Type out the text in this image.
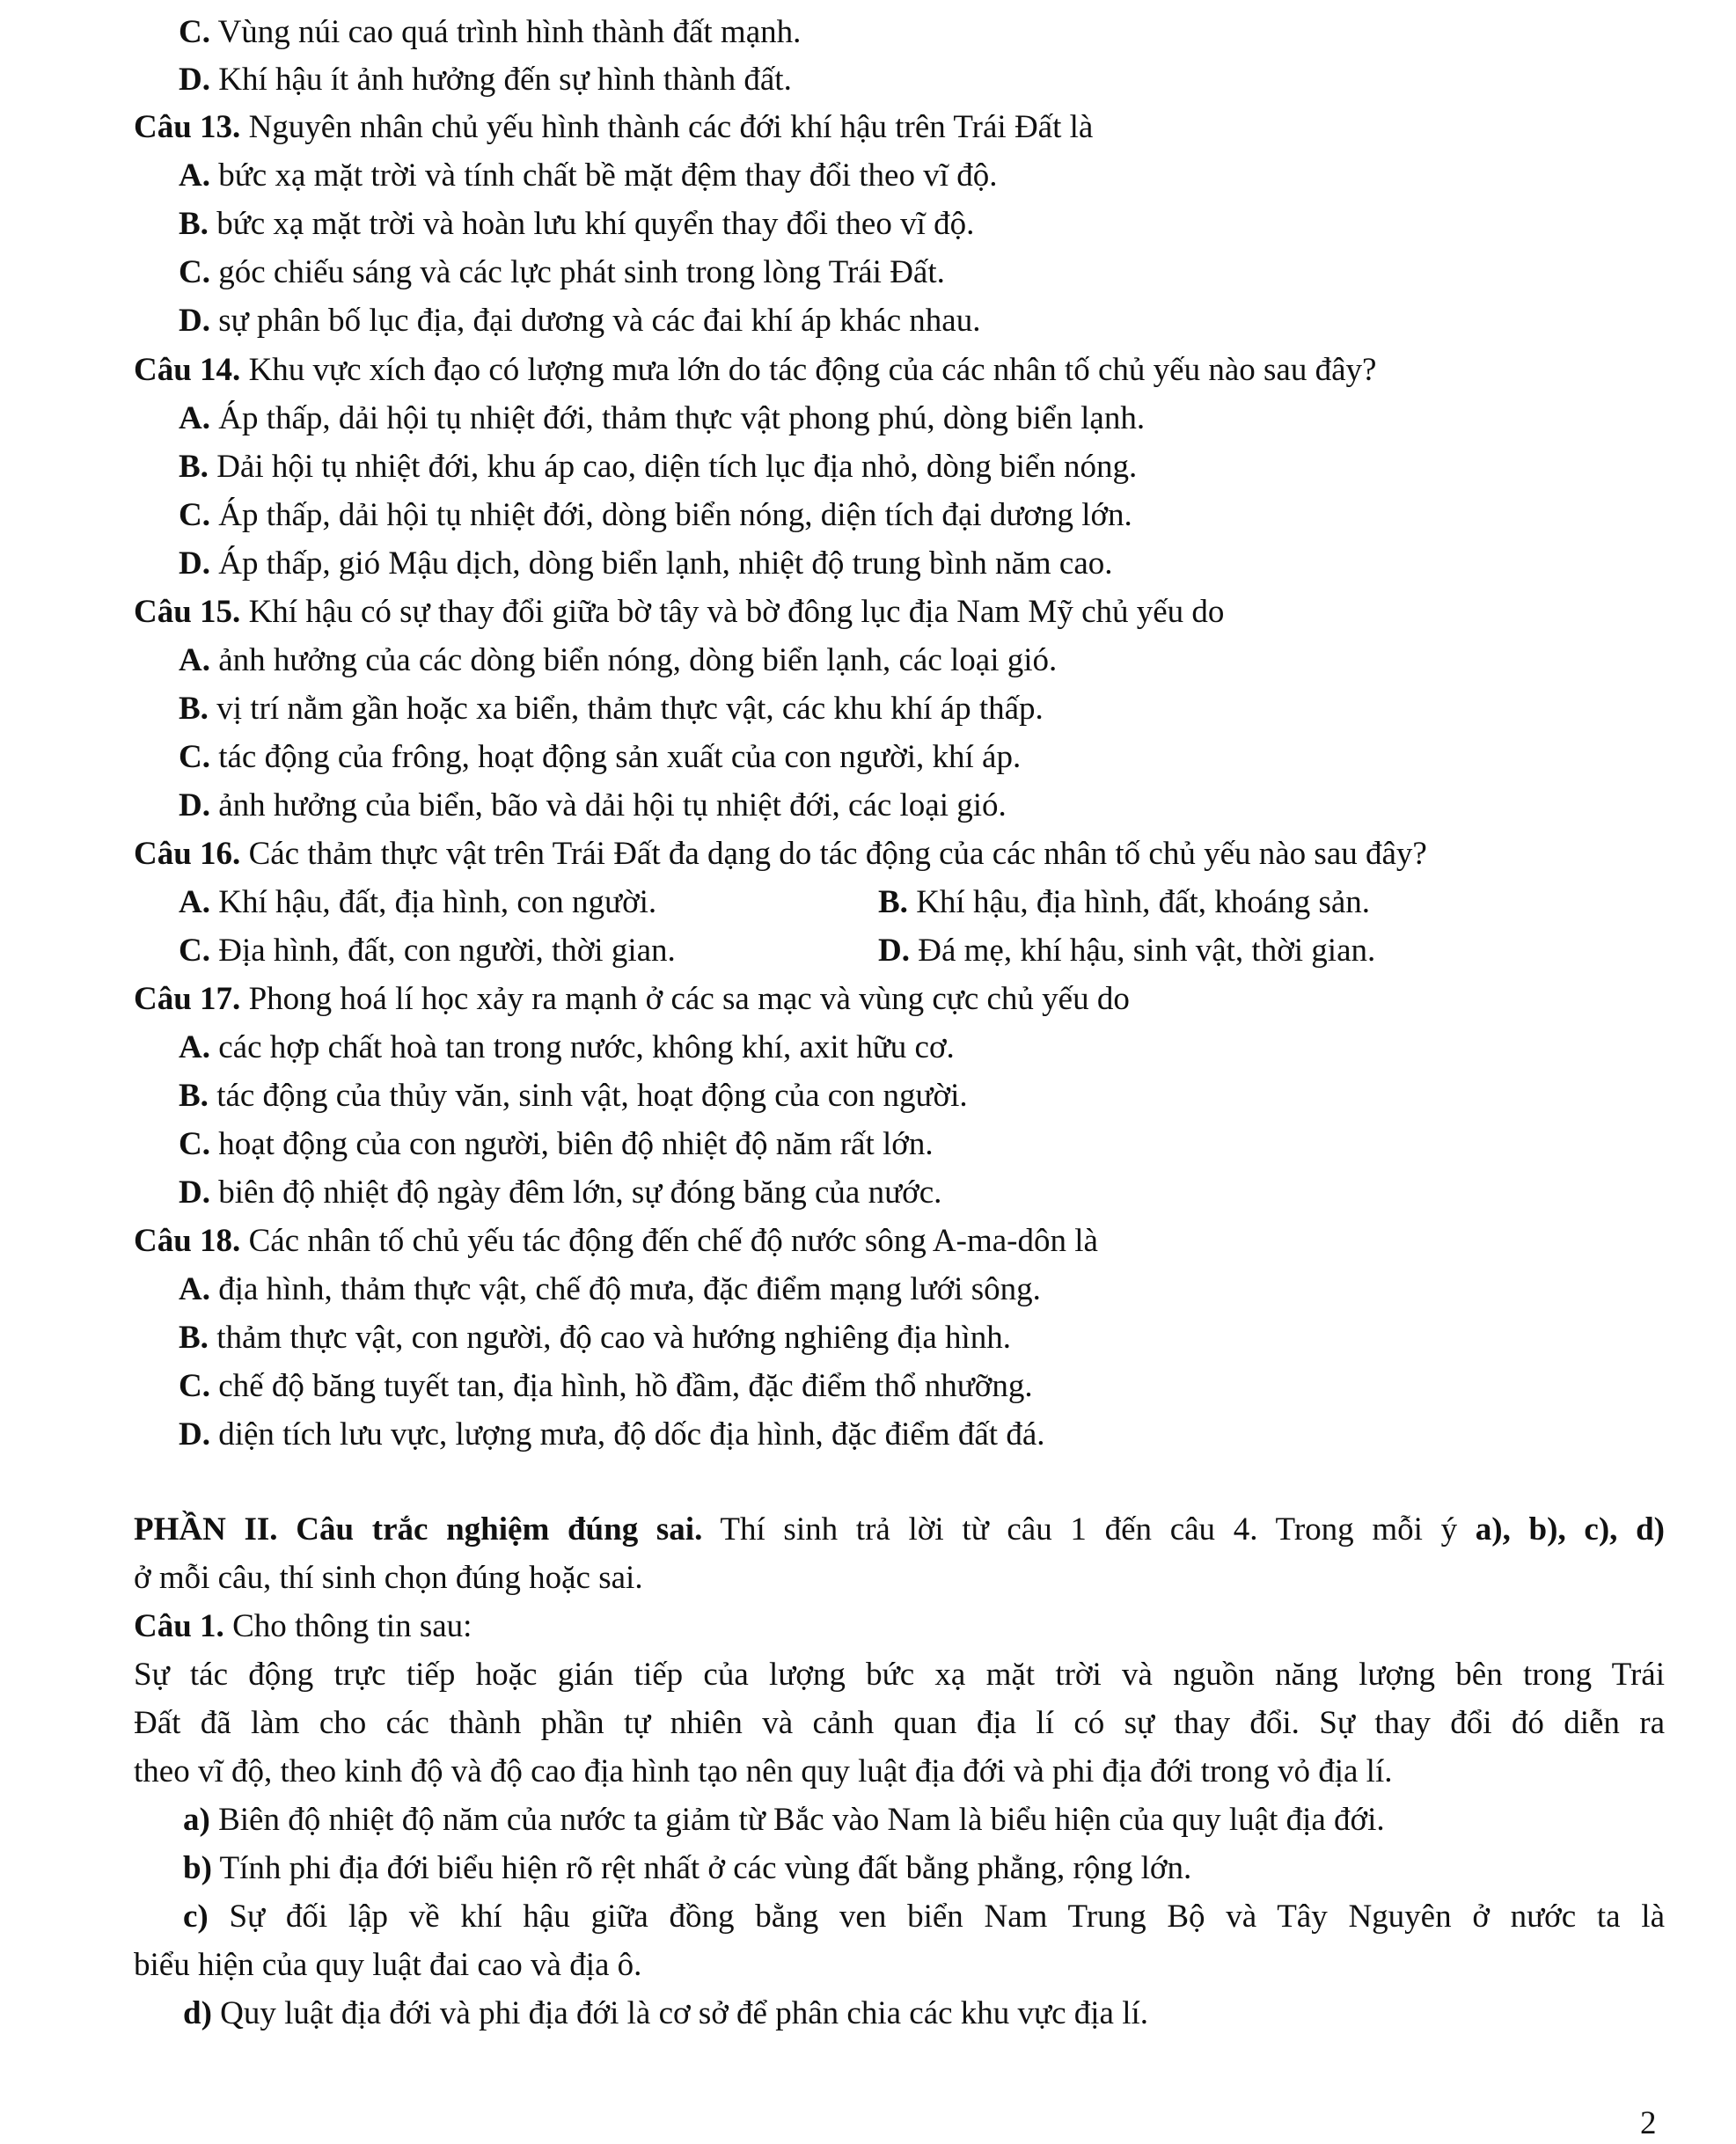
C. Vùng núi cao quá trình hình thành đất mạnh.
D. Khí hậu ít ảnh hưởng đến sự hình thành đất.
Câu 13. Nguyên nhân chủ yếu hình thành các đới khí hậu trên Trái Đất là
A. bức xạ mặt trời và tính chất bề mặt đệm thay đổi theo vĩ độ.
B. bức xạ mặt trời và hoàn lưu khí quyển thay đổi theo vĩ độ.
C. góc chiếu sáng và các lực phát sinh trong lòng Trái Đất.
D. sự phân bố lục địa, đại dương và các đai khí áp khác nhau.
Câu 14. Khu vực xích đạo có lượng mưa lớn do tác động của các nhân tố chủ yếu nào sau đây?
A. Áp thấp, dải hội tụ nhiệt đới, thảm thực vật phong phú, dòng biển lạnh.
B. Dải hội tụ nhiệt đới, khu áp cao, diện tích lục địa nhỏ, dòng biển nóng.
C. Áp thấp, dải hội tụ nhiệt đới, dòng biển nóng, diện tích đại dương lớn.
D. Áp thấp, gió Mậu dịch, dòng biển lạnh, nhiệt độ trung bình năm cao.
Câu 15. Khí hậu có sự thay đổi giữa bờ tây và bờ đông lục địa Nam Mỹ chủ yếu do
A. ảnh hưởng của các dòng biển nóng, dòng biển lạnh, các loại gió.
B. vị trí nằm gần hoặc xa biển, thảm thực vật, các khu khí áp thấp.
C. tác động của frông, hoạt động sản xuất của con người, khí áp.
D. ảnh hưởng của biển, bão và dải hội tụ nhiệt đới, các loại gió.
Câu 16. Các thảm thực vật trên Trái Đất đa dạng do tác động của các nhân tố chủ yếu nào sau đây?
A. Khí hậu, đất, địa hình, con người.	B. Khí hậu, địa hình, đất, khoáng sản.
C. Địa hình, đất, con người, thời gian.	D. Đá mẹ, khí hậu, sinh vật, thời gian.
Câu 17. Phong hoá lí học xảy ra mạnh ở các sa mạc và vùng cực chủ yếu do
A. các hợp chất hoà tan trong nước, không khí, axit hữu cơ.
B. tác động của thủy văn, sinh vật, hoạt động của con người.
C. hoạt động của con người, biên độ nhiệt độ năm rất lớn.
D. biên độ nhiệt độ ngày đêm lớn, sự đóng băng của nước.
Câu 18. Các nhân tố chủ yếu tác động đến chế độ nước sông A-ma-dôn là
A. địa hình, thảm thực vật, chế độ mưa, đặc điểm mạng lưới sông.
B. thảm thực vật, con người, độ cao và hướng nghiêng địa hình.
C. chế độ băng tuyết tan, địa hình, hồ đầm, đặc điểm thổ nhưỡng.
D. diện tích lưu vực, lượng mưa, độ dốc địa hình, đặc điểm đất đá.
PHẦN II. Câu trắc nghiệm đúng sai. Thí sinh trả lời từ câu 1 đến câu 4. Trong mỗi ý a), b), c), d)
ở mỗi câu, thí sinh chọn đúng hoặc sai.
Câu 1. Cho thông tin sau:
Sự tác động trực tiếp hoặc gián tiếp của lượng bức xạ mặt trời và nguồn năng lượng bên trong Trái
Đất đã làm cho các thành phần tự nhiên và cảnh quan địa lí có sự thay đổi. Sự thay đổi đó diễn ra
theo vĩ độ, theo kinh độ và độ cao địa hình tạo nên quy luật địa đới và phi địa đới trong vỏ địa lí.
a) Biên độ nhiệt độ năm của nước ta giảm từ Bắc vào Nam là biểu hiện của quy luật địa đới.
b) Tính phi địa đới biểu hiện rõ rệt nhất ở các vùng đất bằng phẳng, rộng lớn.
c) Sự đối lập về khí hậu giữa đồng bằng ven biển Nam Trung Bộ và Tây Nguyên ở nước ta là
biểu hiện của quy luật đai cao và địa ô.
d) Quy luật địa đới và phi địa đới là cơ sở để phân chia các khu vực địa lí.
2
